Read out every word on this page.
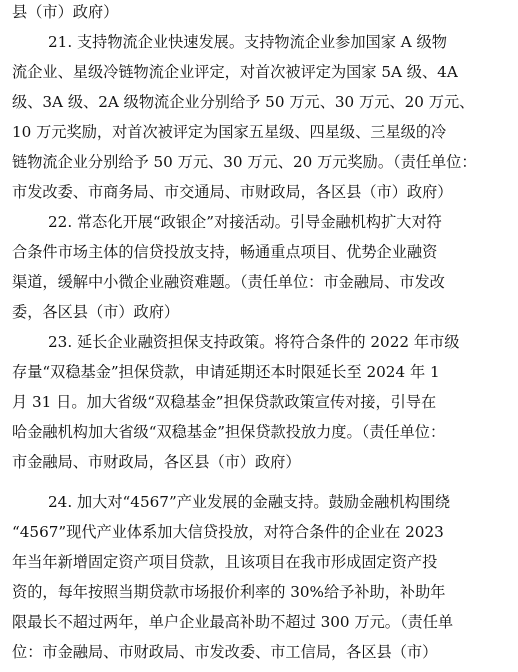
县（市）政府）
21. 支持物流企业快速发展。支持物流企业参加国家 A 级物
流企业、星级冷链物流企业评定，对首次被评定为国家 5A 级、4A
级、3A 级、2A 级物流企业分别给予 50 万元、30 万元、20 万元、
10 万元奖励，对首次被评定为国家五星级、四星级、三星级的冷
链物流企业分别给予 50 万元、30 万元、20 万元奖励。（责任单位：
市发改委、市商务局、市交通局、市财政局，各区县（市）政府）
22. 常态化开展“政银企”对接活动。引导金融机构扩大对符
合条件市场主体的信贷投放支持，畅通重点项目、优势企业融资
渠道，缓解中小微企业融资难题。（责任单位：市金融局、市发改
委，各区县（市）政府）
23. 延长企业融资担保支持政策。将符合条件的 2022 年市级
存量“双稳基金”担保贷款，申请延期还本时限延长至 2024 年 1
月 31 日。加大省级“双稳基金”担保贷款政策宣传对接，引导在
哈金融机构加大省级“双稳基金”担保贷款投放力度。（责任单位：
市金融局、市财政局，各区县（市）政府）
24. 加大对“4567”产业发展的金融支持。鼓励金融机构围绕
“4567”现代产业体系加大信贷投放，对符合条件的企业在 2023
年当年新增固定资产项目贷款，且该项目在我市形成固定资产投
资的，每年按照当期贷款市场报价利率的 30%给予补助，补助年
限最长不超过两年，单户企业最高补助不超过 300 万元。（责任单
位：市金融局、市财政局、市发改委、市工信局，各区县（市）
